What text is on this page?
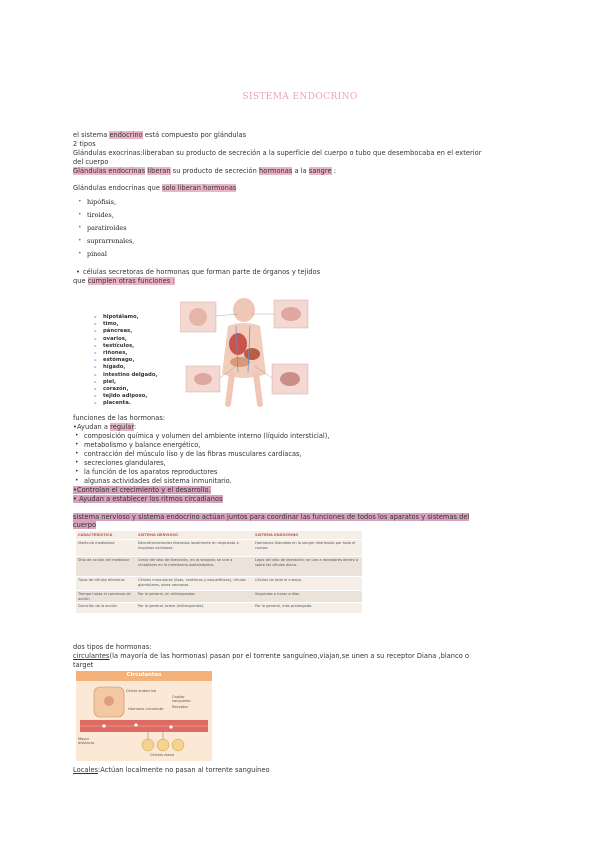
SISTEMA ENDOCRINO
el sistema endocrino está compuesto por glándulas
2 tipos
Glándulas exocrinas:liberaban su producto de secreción a la superficie del cuerpo o tubo que desembocaba en el exterior
del cuerpo
Glándulas endocrinas liberan su producto de secreción hormonas a la sangre :
Glándulas endocrinas que solo liberan hormonas
• hipófisis,
• tiroides,
• paratiroides
• suprarrenales,
• pineal
• células secretoras de hormonas que forman parte de órganos y tejidos
que cumplen otras funciones :
- hipotálamo,
- timo,
- páncreas,
- ovarios,
- testículos,
- riñones,
- estómago,
- hígado,
- intestino delgado,
- piel,
- corazón,
- tejido adiposo,
- placenta.
funciones de las hormonas:
•Ayudan a regular:
• composición química y volumen del ambiente interno (líquido intersticial),
• metabolismo y balance energético,
• contracción del músculo liso y de las fibras musculares cardíacas,
• secreciones glandulares,
• la función de los aparatos reproductores
• algunas actividades del sistema inmunitario.
•Controlan el crecimiento y el desarrollo.
• Ayudan a establecer los ritmos circadianos
sistema nervioso y sistema endocrino actúan juntos para coordinar las funciones de todos los aparatos y sistemas del
cuerpo
CARACTERÍSTICA	SISTEMA NERVIOSO	SISTEMA ENDOCRINO
Molécula mediadora	Neurotransmisores liberados localmente en respuesta a impulsos nerviosos.	Hormonas liberadas en la sangre distribuida por todo el cuerpo.
Sitio de acción del mediador	Cerca del sitio de liberación, en la sinapsis; se une a receptores en la membrana postsináptica.	Lejos del sitio de liberación; se une a receptores dentro o sobre las células diana.
Tipos de células efectoras	Células musculares (lisas, cardíacas y esqueléticas), células glandulares, otras neuronas.	Células de todo el cuerpo.
Tiempo hasta el comienzo de acción	Por lo general, en milisegundos.	Segundos a horas o días.
Duración de la acción	Por lo general, breve (milisegundos).	Por lo general, más prolongada.
dos tipos de hormonas:
circulantes(la mayoría de las hormonas) pasan por el torrente sanguíneo,viajan,se unen a su receptor Diana ,blanco o
target
Circulantes
Célula endocrina
Hormona circulante
Capilar sanguíneo
Receptor
Células diana
Mayor distancia
Locales:Actúan localmente no pasan al torrente sanguíneo
